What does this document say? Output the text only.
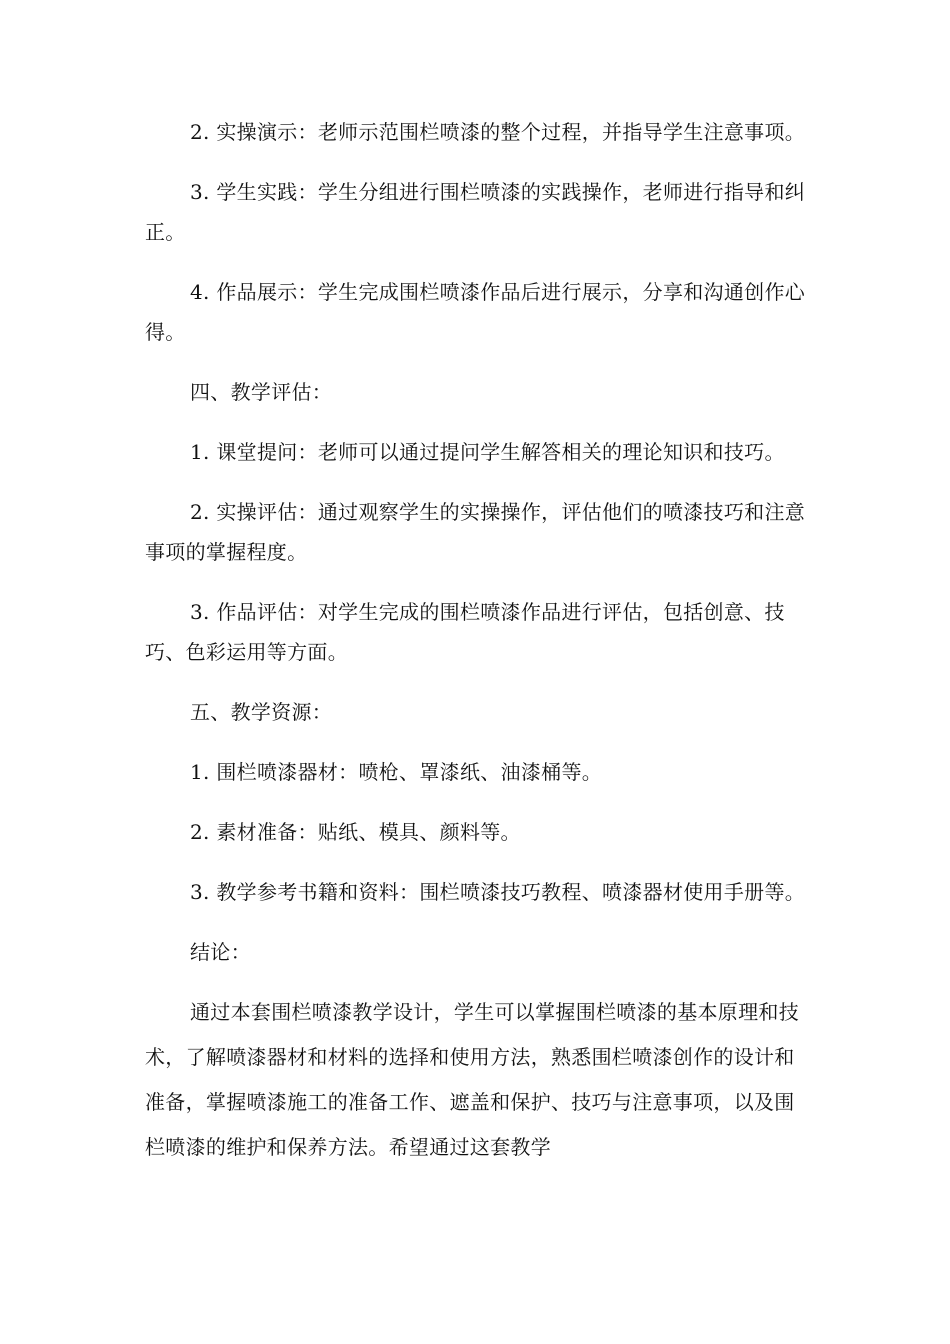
2. 实操演示：老师示范围栏喷漆的整个过程，并指导学生注意事项。

3. 学生实践：学生分组进行围栏喷漆的实践操作，老师进行指导和纠正。

4. 作品展示：学生完成围栏喷漆作品后进行展示，分享和沟通创作心得。

四、教学评估：

1. 课堂提问：老师可以通过提问学生解答相关的理论知识和技巧。

2. 实操评估：通过观察学生的实操操作，评估他们的喷漆技巧和注意事项的掌握程度。

3. 作品评估：对学生完成的围栏喷漆作品进行评估，包括创意、技巧、色彩运用等方面。

五、教学资源：

1. 围栏喷漆器材：喷枪、罩漆纸、油漆桶等。

2. 素材准备：贴纸、模具、颜料等。

3. 教学参考书籍和资料：围栏喷漆技巧教程、喷漆器材使用手册等。

结论：

通过本套围栏喷漆教学设计，学生可以掌握围栏喷漆的基本原理和技术，了解喷漆器材和材料的选择和使用方法，熟悉围栏喷漆创作的设计和准备，掌握喷漆施工的准备工作、遮盖和保护、技巧与注意事项，以及围栏喷漆的维护和保养方法。希望通过这套教学
